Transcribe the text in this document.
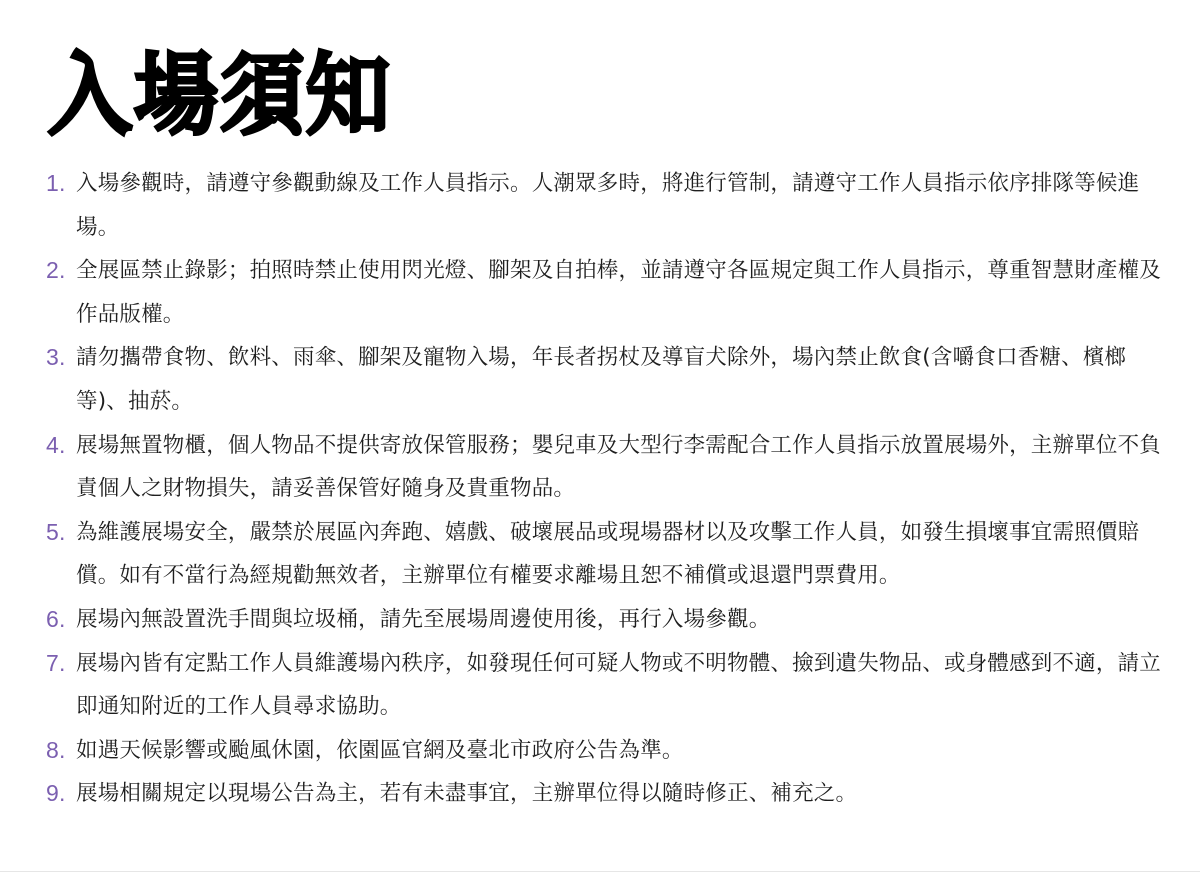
入場須知
1. 入場參觀時，請遵守參觀動線及工作人員指示。人潮眾多時，將進行管制，請遵守工作人員指示依序排隊等候進場。
2. 全展區禁止錄影；拍照時禁止使用閃光燈、腳架及自拍棒，並請遵守各區規定與工作人員指示，尊重智慧財產權及作品版權。
3. 請勿攜帶食物、飲料、雨傘、腳架及寵物入場，年長者拐杖及導盲犬除外，場內禁止飲食(含嚼食口香糖、檳榔等)、抽菸。
4. 展場無置物櫃，個人物品不提供寄放保管服務；嬰兒車及大型行李需配合工作人員指示放置展場外，主辦單位不負責個人之財物損失，請妥善保管好隨身及貴重物品。
5. 為維護展場安全，嚴禁於展區內奔跑、嬉戲、破壞展品或現場器材以及攻擊工作人員，如發生損壞事宜需照價賠償。如有不當行為經規勸無效者，主辦單位有權要求離場且恕不補償或退還門票費用。
6. 展場內無設置洗手間與垃圾桶，請先至展場周邊使用後，再行入場參觀。
7. 展場內皆有定點工作人員維護場內秩序，如發現任何可疑人物或不明物體、撿到遺失物品、或身體感到不適，請立即通知附近的工作人員尋求協助。
8. 如遇天候影響或颱風休園，依園區官網及臺北市政府公告為準。
9. 展場相關規定以現場公告為主，若有未盡事宜，主辦單位得以隨時修正、補充之。
